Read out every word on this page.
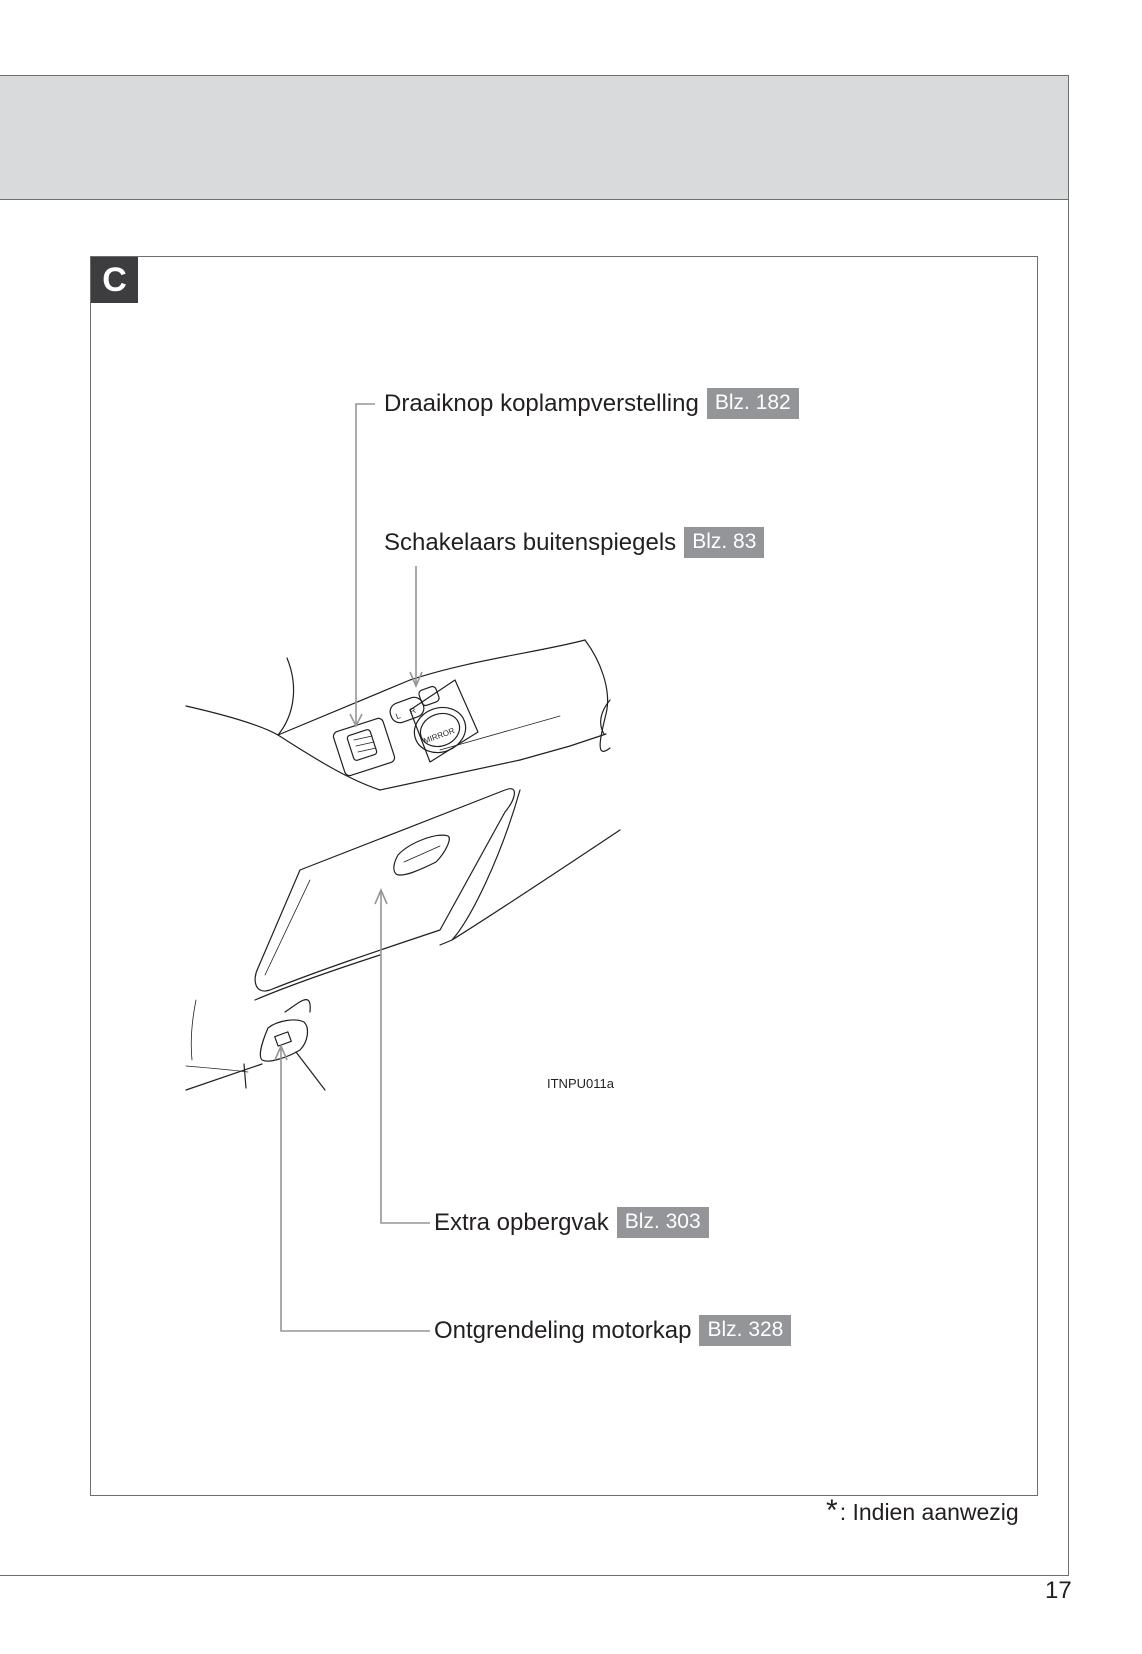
C
MIRROR
L
R
Draaiknop koplampverstelling Blz. 182
Schakelaars buitenspiegels Blz. 83
ITNPU011a
Extra opbergvak Blz. 303
Ontgrendeling motorkap Blz. 328
* : Indien aanwezig
17
